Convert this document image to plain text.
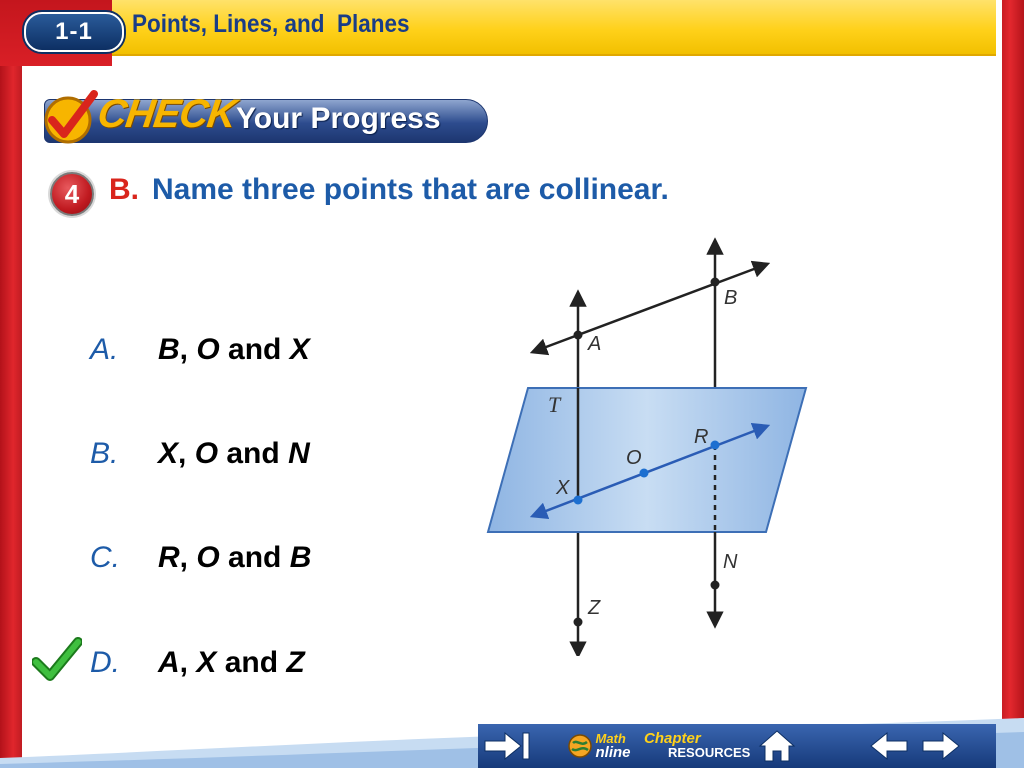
1-1	Points, Lines, and  Planes
CHECK
Your Progress
4 B. Name three points that are collinear.
A. B, O and X
B. X, O and N
C. R, O and B
D. A, X and Z
A
B
R
O
X
N
Z
T
Math
nline
Chapter
RESOURCES
